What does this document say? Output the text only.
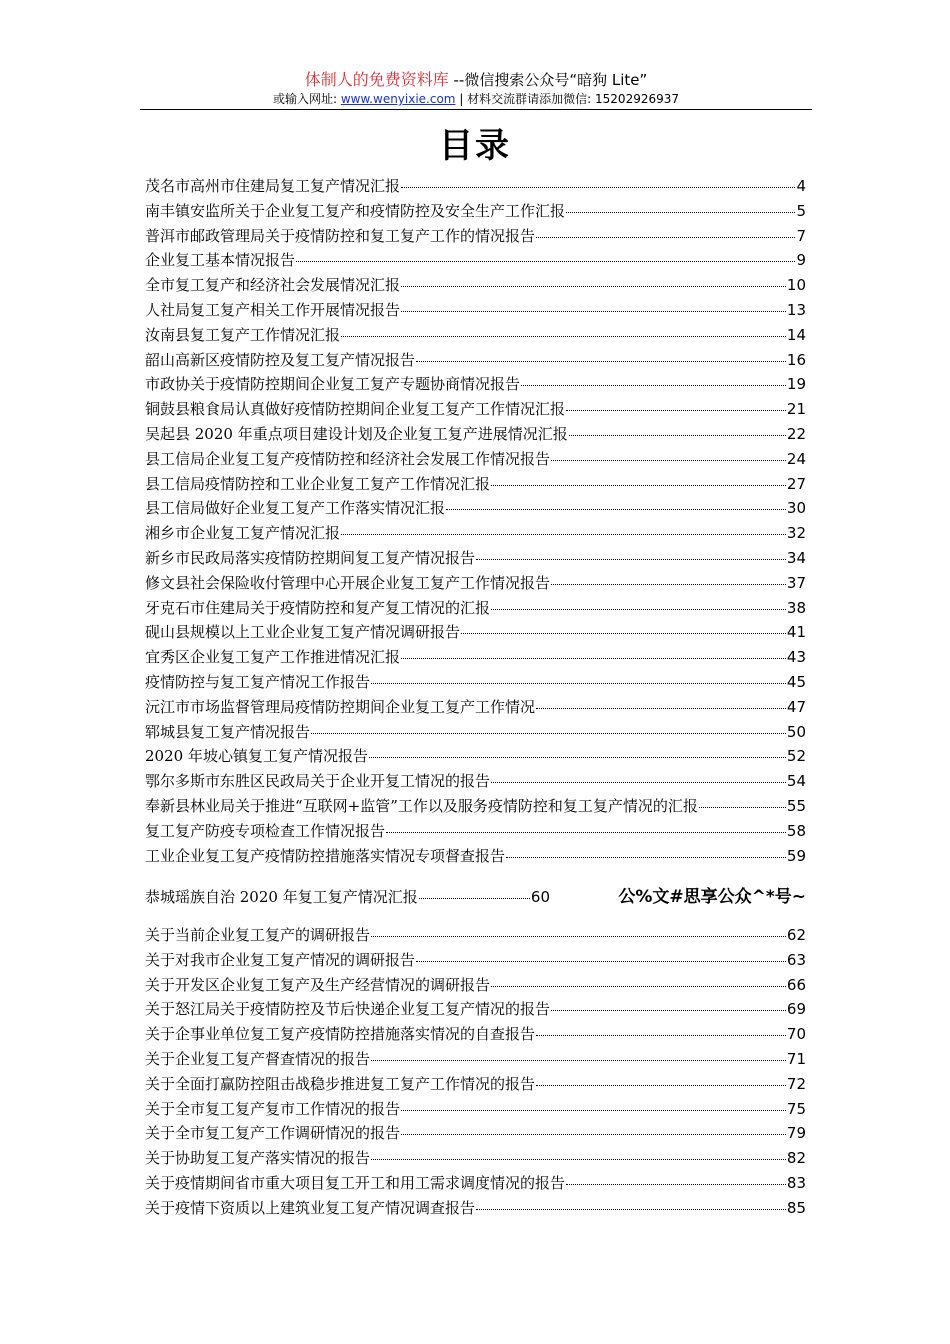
体制人的免费资料库 --微信搜索公众号“暗狗 Lite”
或输入网址: www.wenyixie.com | 材料交流群请添加微信: 15202926937
目录
茂名市高州市住建局复工复产情况汇报	4
南丰镇安监所关于企业复工复产和疫情防控及安全生产工作汇报	5
普洱市邮政管理局关于疫情防控和复工复产工作的情况报告	7
企业复工基本情况报告	9
全市复工复产和经济社会发展情况汇报	10
人社局复工复产相关工作开展情况报告	13
汝南县复工复产工作情况汇报	14
韶山高新区疫情防控及复工复产情况报告	16
市政协关于疫情防控期间企业复工复产专题协商情况报告	19
铜鼓县粮食局认真做好疫情防控期间企业复工复产工作情况汇报	21
吴起县 2020 年重点项目建设计划及企业复工复产进展情况汇报	22
县工信局企业复工复产疫情防控和经济社会发展工作情况报告	24
县工信局疫情防控和工业企业复工复产工作情况汇报	27
县工信局做好企业复工复产工作落实情况汇报	30
湘乡市企业复工复产情况汇报	32
新乡市民政局落实疫情防控期间复工复产情况报告	34
修文县社会保险收付管理中心开展企业复工复产工作情况报告	37
牙克石市住建局关于疫情防控和复产复工情况的汇报	38
砚山县规模以上工业企业复工复产情况调研报告	41
宜秀区企业复工复产工作推进情况汇报	43
疫情防控与复工复产情况工作报告	45
沅江市市场监督管理局疫情防控期间企业复工复产工作情况	47
郓城县复工复产情况报告	50
2020 年坡心镇复工复产情况报告	52
鄂尔多斯市东胜区民政局关于企业开复工情况的报告	54
奉新县林业局关于推进“互联网+监管”工作以及服务疫情防控和复工复产情况的汇报	55
复工复产防疫专项检查工作情况报告	58
工业企业复工复产疫情防控措施落实情况专项督查报告	59
恭城瑶族自治 2020 年复工复产情况汇报	60	公%文#思享公众^*号~
关于当前企业复工复产的调研报告	62
关于对我市企业复工复产情况的调研报告	63
关于开发区企业复工复产及生产经营情况的调研报告	66
关于怒江局关于疫情防控及节后快递企业复工复产情况的报告	69
关于企事业单位复工复产疫情防控措施落实情况的自查报告	70
关于企业复工复产督查情况的报告	71
关于全面打赢防控阻击战稳步推进复工复产工作情况的报告	72
关于全市复工复产复市工作情况的报告	75
关于全市复工复产工作调研情况的报告	79
关于协助复工复产落实情况的报告	82
关于疫情期间省市重大项目复工开工和用工需求调度情况的报告	83
关于疫情下资质以上建筑业复工复产情况调查报告	85
